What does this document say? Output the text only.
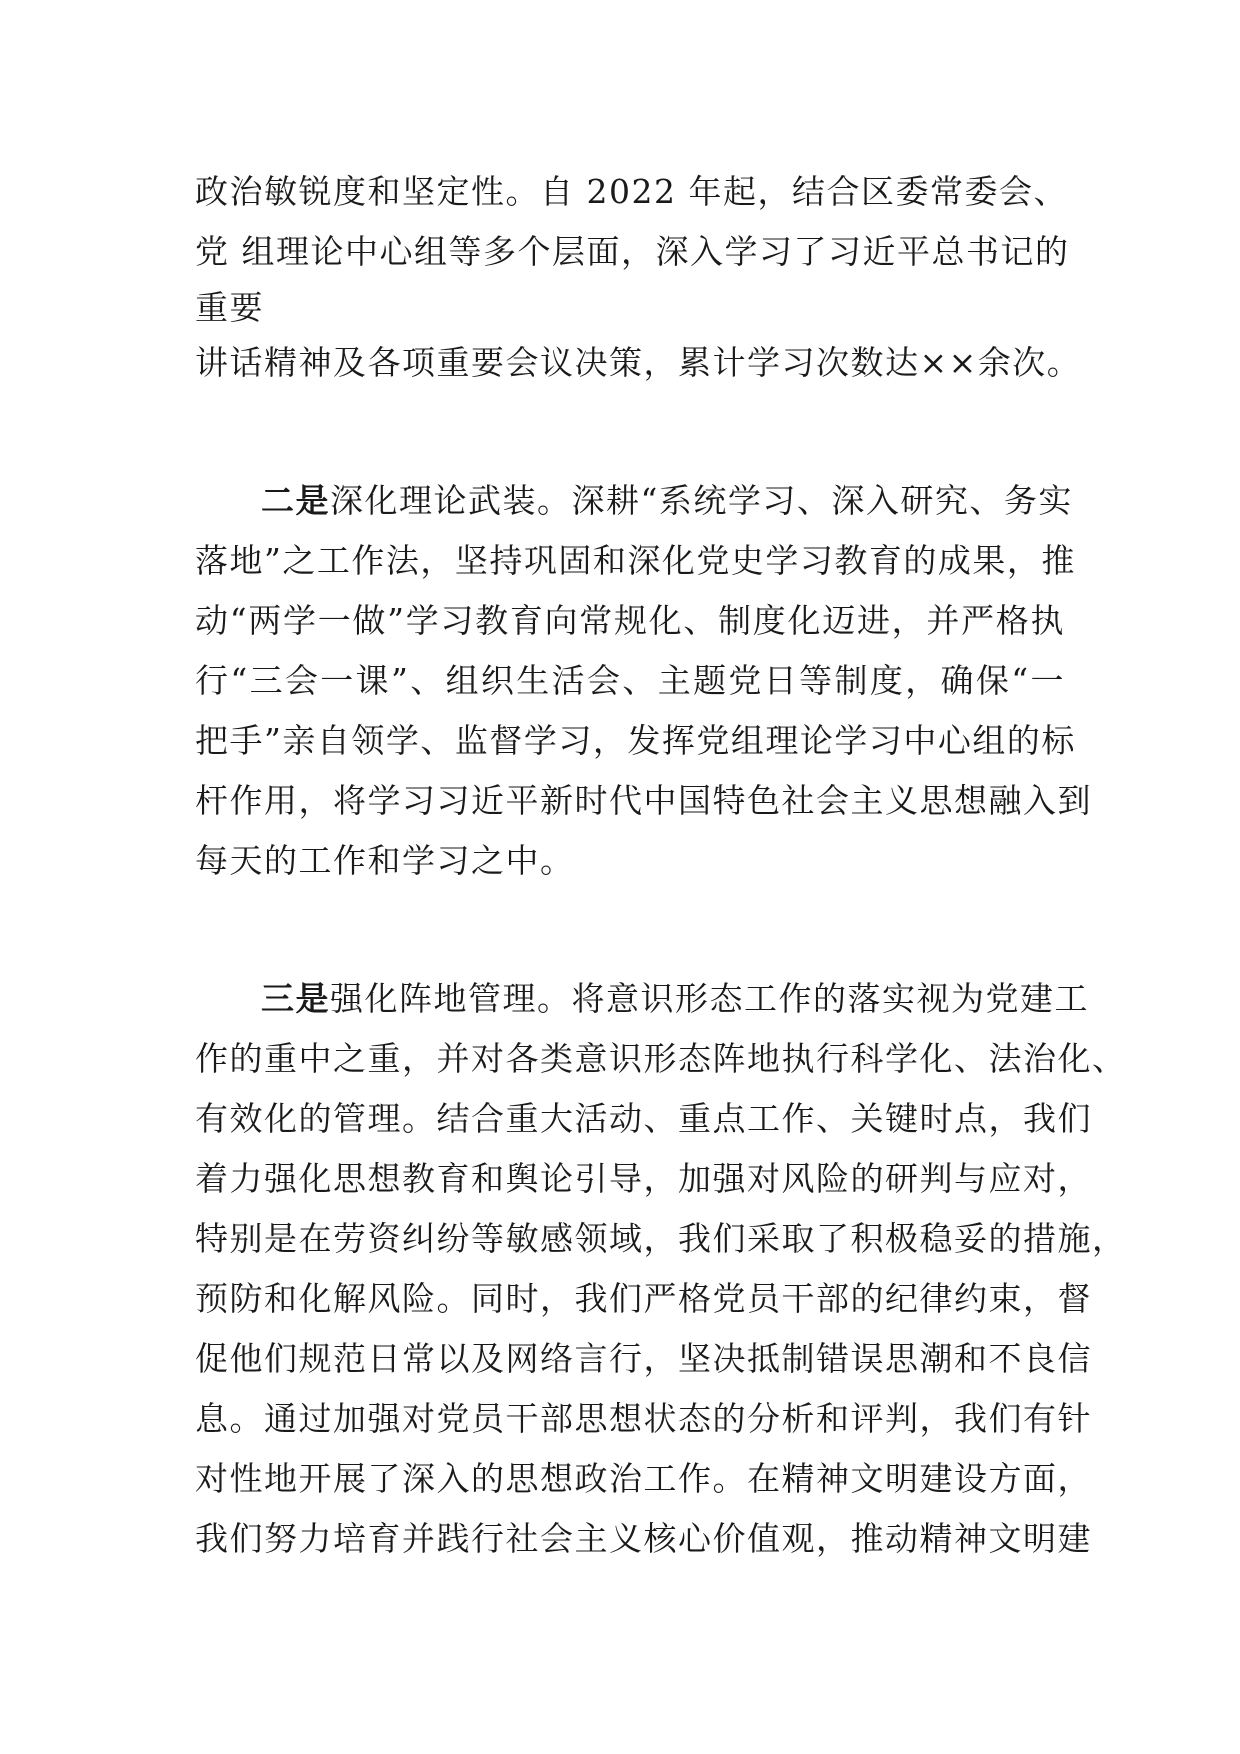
政治敏锐度和坚定性。自 2022 年起，结合区委常委会、
党 组理论中心组等多个层面，深入学习了习近平总书记的
重要
讲话精神及各项重要会议决策，累计学习次数达××余次。
二是深化理论武装。深耕“系统学习、深入研究、务实
落地”之工作法，坚持巩固和深化党史学习教育的成果，推
动“两学一做”学习教育向常规化、制度化迈进，并严格执
行“三会一课”、组织生活会、主题党日等制度，确保“一
把手”亲自领学、监督学习，发挥党组理论学习中心组的标
杆作用，将学习习近平新时代中国特色社会主义思想融入到
每天的工作和学习之中。
三是强化阵地管理。将意识形态工作的落实视为党建工
作的重中之重，并对各类意识形态阵地执行科学化、法治化、
有效化的管理。结合重大活动、重点工作、关键时点，我们
着力强化思想教育和舆论引导，加强对风险的研判与应对，
特别是在劳资纠纷等敏感领域，我们采取了积极稳妥的措施，
预防和化解风险。同时，我们严格党员干部的纪律约束，督
促他们规范日常以及网络言行，坚决抵制错误思潮和不良信
息。通过加强对党员干部思想状态的分析和评判，我们有针
对性地开展了深入的思想政治工作。在精神文明建设方面，
我们努力培育并践行社会主义核心价值观，推动精神文明建
